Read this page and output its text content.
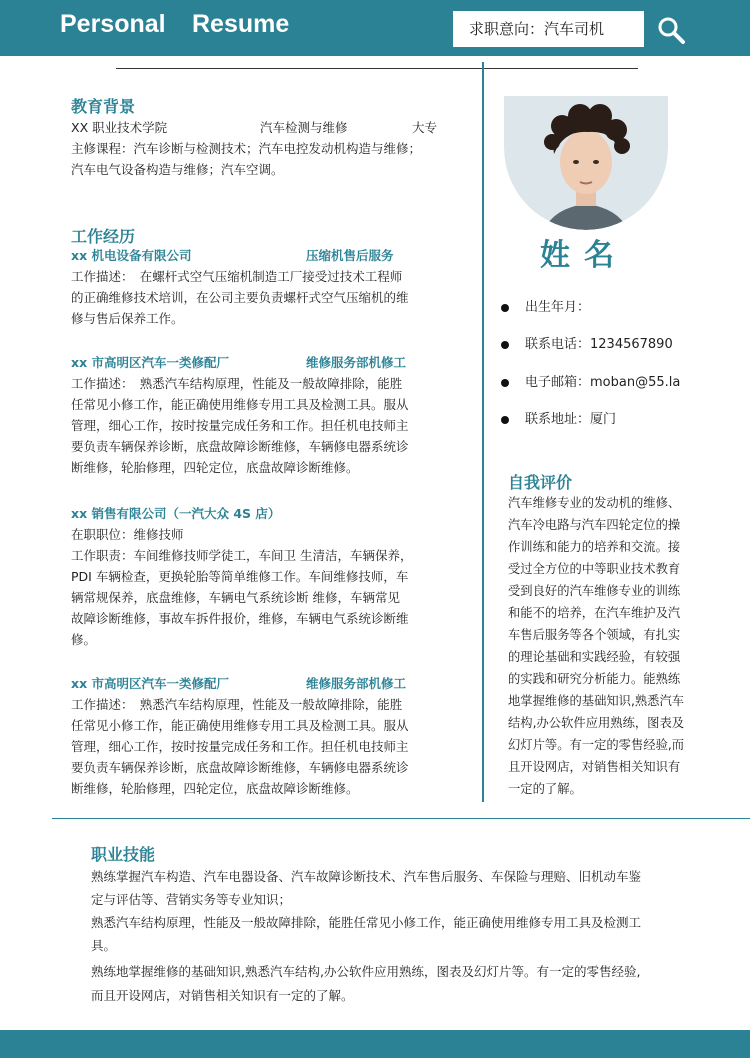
Personal Resume	求职意向：汽车司机
教育背景
XX 职业技术学院	汽车检测与维修	大专
主修课程：汽车诊断与检测技术；汽车电控发动机构造与维修；
汽车电气设备构造与维修；汽车空调。
工作经历
xx 机电设备有限公司	压缩机售后服务
工作描述：　在螺杆式空气压缩机制造工厂接受过技术工程师
的正确维修技术培训，在公司主要负责螺杆式空气压缩机的维
修与售后保养工作。
xx 市高明区汽车一类修配厂	维修服务部机修工
工作描述：　熟悉汽车结构原理，性能及一般故障排除，能胜
任常见小修工作，能正确使用维修专用工具及检测工具。服从
管理，细心工作，按时按量完成任务和工作。担任机电技师主
要负责车辆保养诊断，底盘故障诊断维修，车辆修电器系统诊
断维修，轮胎修理，四轮定位，底盘故障诊断维修。
xx 销售有限公司（一汽大众 4S 店）
在职职位：维修技师
工作职责：车间维修技师学徒工，车间卫 生清洁，车辆保养，
PDI 车辆检查，更换轮胎等简单维修工作。车间维修技师，车
辆常规保养，底盘维修，车辆电气系统诊断 维修，车辆常见
故障诊断维修，事故车拆件报价，维修，车辆电气系统诊断维
修。
xx 市高明区汽车一类修配厂	维修服务部机修工
工作描述：　熟悉汽车结构原理，性能及一般故障排除，能胜
任常见小修工作，能正确使用维修专用工具及检测工具。服从
管理，细心工作，按时按量完成任务和工作。担任机电技师主
要负责车辆保养诊断，底盘故障诊断维修，车辆修电器系统诊
断维修，轮胎修理，四轮定位，底盘故障诊断维修。
姓名
出生年月：
联系电话：1234567890
电子邮箱：moban@55.la
联系地址：厦门
自我评价
汽车维修专业的发动机的维修、
汽车冷电路与汽车四轮定位的操
作训练和能力的培养和交流。接
受过全方位的中等职业技术教育
受到良好的汽车维修专业的训练
和能不的培养，在汽车维护及汽
车售后服务等各个领域，有扎实
的理论基础和实践经验，有较强
的实践和研究分析能力。能熟练
地掌握维修的基础知识,熟悉汽车
结构,办公软件应用熟练，图表及
幻灯片等。有一定的零售经验,而
且开设网店，对销售相关知识有
一定的了解。
职业技能
熟练掌握汽车构造、汽车电器设备、汽车故障诊断技术、汽车售后服务、车保险与理赔、旧机动车鉴
定与评估等、营销实务等专业知识；
熟悉汽车结构原理，性能及一般故障排除，能胜任常见小修工作，能正确使用维修专用工具及检测工
具。
熟练地掌握维修的基础知识,熟悉汽车结构,办公软件应用熟练，图表及幻灯片等。有一定的零售经验,
而且开设网店，对销售相关知识有一定的了解。
